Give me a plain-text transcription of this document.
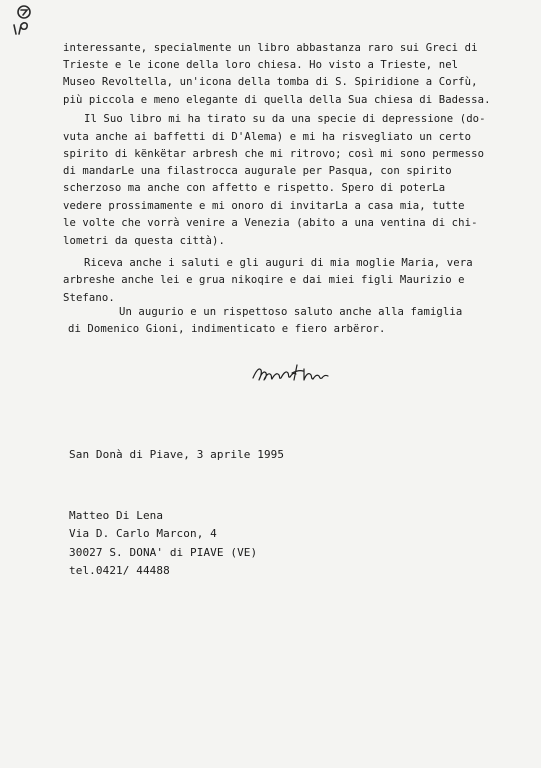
interessante, specialmente un libro abbastanza raro sui Greci di
Trieste e le icone della loro chiesa. Ho visto a Trieste, nel
Museo Revoltella, un'icona della tomba di S. Spiridione a Corfù,
più piccola e meno elegante di quella della Sua chiesa di Badessa.
Il Suo libro mi ha tirato su da una specie di depressione (do-
vuta anche ai baffetti di D'Alema) e mi ha risvegliato un certo
spirito di kënkëtar arbresh che mi ritrovo; così mi sono permesso
di mandarLe una filastrocca augurale per Pasqua, con spirito
scherzoso ma anche con affetto e rispetto. Spero di poterLa
vedere prossimamente e mi onoro di invitarLa a casa mia, tutte
le volte che vorrà venire a Venezia (abito a una ventina di chi-
lometri da questa città).
Riceva anche i saluti e gli auguri di mia moglie Maria, vera
arbreshe anche lei e grua nikoqire e dai miei figli Maurizio e
Stefano.
Un augurio e un rispettoso saluto anche alla famiglia
di Domenico Gioni, indimenticato e fiero arbëror.
San Donà di Piave, 3 aprile 1995
Matteo Di Lena
Via D. Carlo Marcon, 4
30027 S. DONA' di PIAVE (VE)
tel.0421/ 44488
